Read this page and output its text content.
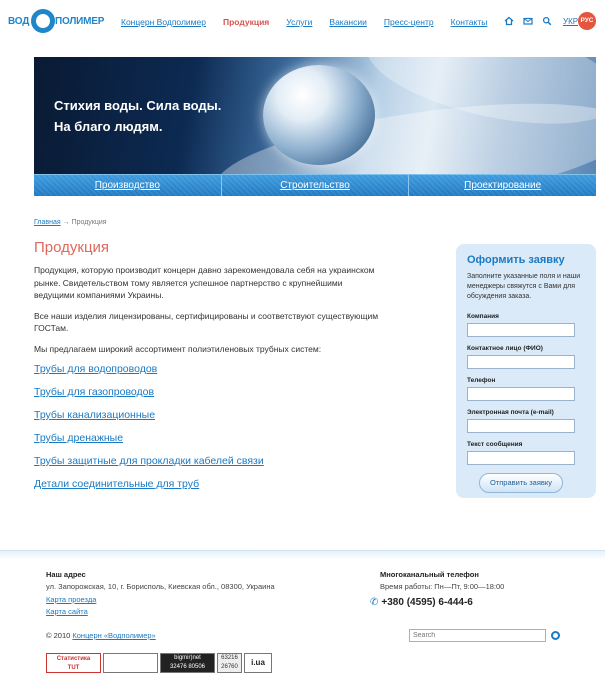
ВОД	ПОЛИМЕР Концерн Водполимер Продукция Услуги Вакансии Пресс-центр Контакты	УКР РУС
Стихия воды. Сила воды.
На благо людям.
Производство	Строительство	Проектирование
Главная → Продукция
Продукция

Продукция, которую производит концерн давно зарекомендовала себя на украинском рынке. Свидетельством тому является успешное партнерство с крупнейшими ведущими компаниями Украины.

Все наши изделия лицензированы, сертифицированы и соответствуют существующим ГОСТам.

Мы предлагаем широкий ассортимент полиэтиленовых трубных систем:

Трубы для водопроводов
Трубы для газопроводов
Трубы канализационные
Трубы дренажные
Трубы защитные для прокладки кабелей связи
Детали соединительные для труб
Оформить заявку
Заполните указанные поля и наши менеджеры свяжутся с Вами для обсуждения заказа.
Компания
Контактное лицо (ФИО)
Телефон
Электронная почта (e-mail)
Текст сообщения
Отправить заявку
Наш адрес
ул. Запорожская, 10, г. Борисполь, Киевская обл., 08300, Украина
Карта проезда
Карта сайта
Многоканальный телефон
Время работы: Пн—Пт, 9:00—18:00
✆ +380 (4595) 6-444-6
© 2010 Концерн «Водполимер»
Search
Статистика
TUT
bigmir)net
32476 80506
63216
26760	i.ua
